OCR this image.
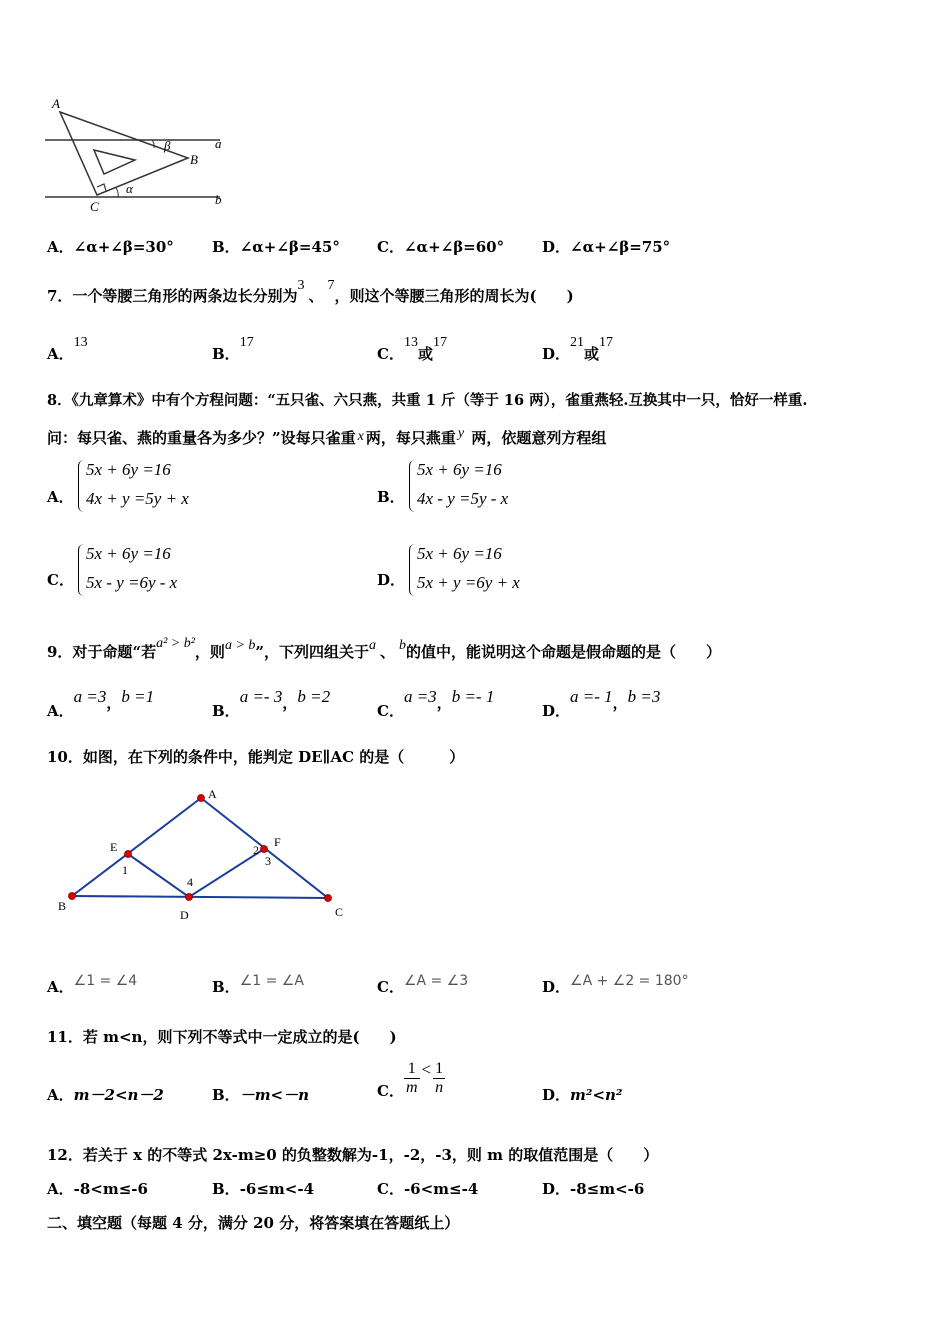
A
B
C
β
α
a
b
A．∠α+∠β=30°	B．∠α+∠β=45° C．∠α+∠β=60°	D．∠α+∠β=75°
7．一个等腰三角形的两条边长分别为3、7，则这个等腰三角形的周长为(　　)
A．13
B．17
C．13或17
D．21或17
8．《九章算术》中有个方程问题：“五只雀、六只燕，共重 1 斤（等于 16 两），雀重燕轻.互换其中一只，恰好一样重.
问：每只雀、燕的重量各为多少？”设每只雀重 x 两，每只燕重 y 两，依题意列方程组
A．
5x + 6y =16
4x + y =5y + x	B．
5x + 6y =16
4x - y =5y - x
C．
5x + 6y =16
5x - y =6y - x	D．
5x + 6y =16
5x + y =6y + x
9．对于命题“若a² > b²，则a > b”，下列四组关于a 、 b的值中，能说明这个命题是假命题的是（　　）
A．a =3，b =1
B．a =- 3，b =2
C．a =3，b =- 1
D．a =- 1，b =3
10．如图，在下列的条件中，能判定 DE∥AC 的是（　　　）
A
B	C
D
E	F
1
2
3
4
A．∠1 = ∠4	B．∠1 = ∠A	C．∠A = ∠3	D．∠A + ∠2 = 180°
11．若 m<n，则下列不等式中一定成立的是(　　)
A．m－2<n－2	B．－m<－n	C． $\frac{1}{m} < \frac{1}{n}$	D．m²<n²
12．若关于 x 的不等式 2x-m≥0 的负整数解为-1，-2，-3，则 m 的取值范围是（　　）
A．-8<m≤-6	B．-6≤m<-4	C．-6<m≤-4	D．-8≤m<-6
二、填空题（每题 4 分，满分 20 分，将答案填在答题纸上）
